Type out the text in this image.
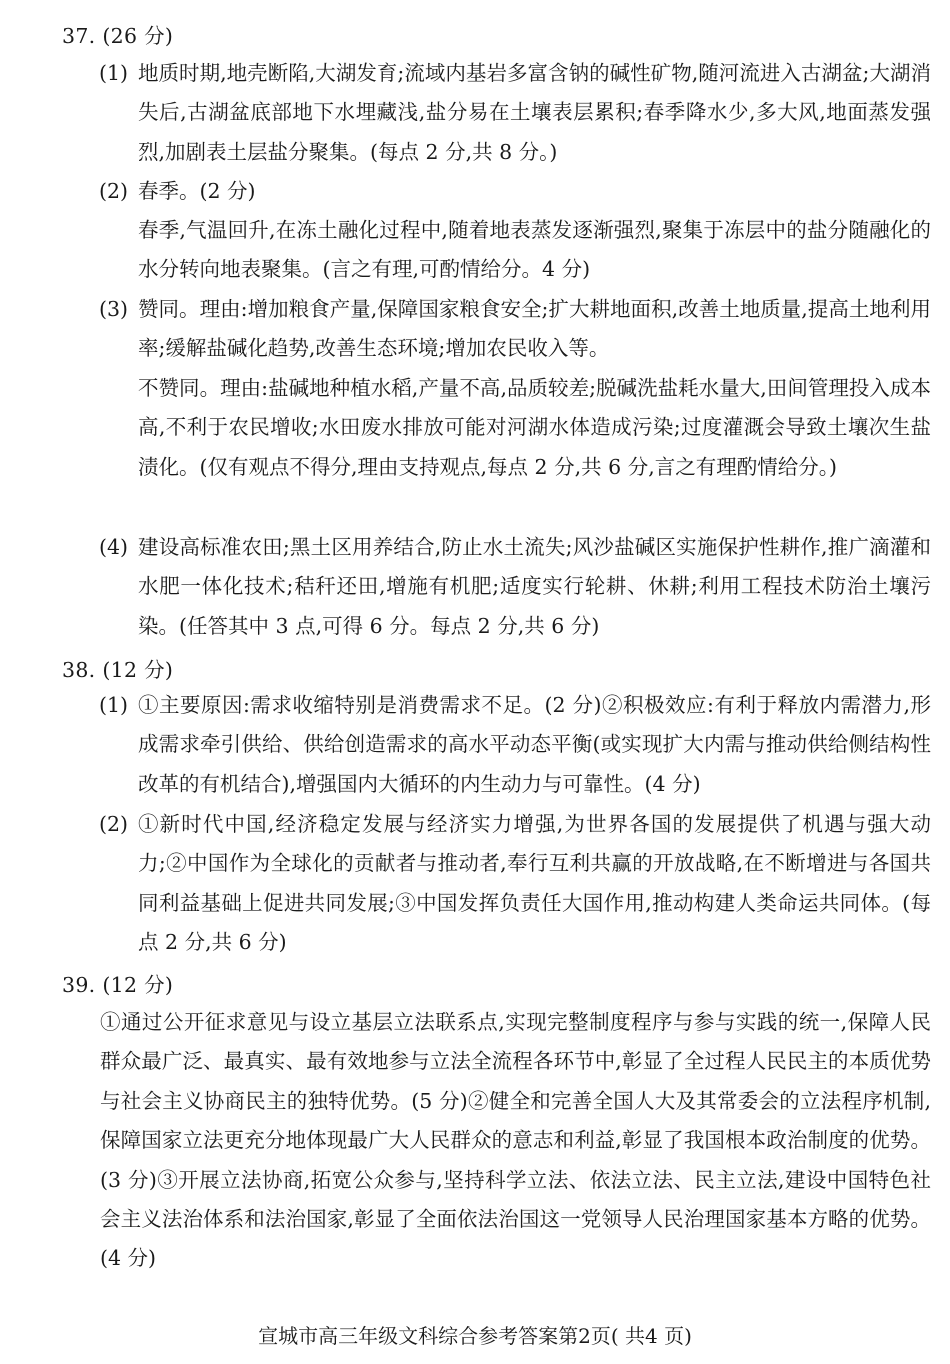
37. (26 分)
(1) 地质时期,地壳断陷,大湖发育;流域内基岩多富含钠的碱性矿物,随河流进入古湖盆;大湖消失后,古湖盆底部地下水埋藏浅,盐分易在土壤表层累积;春季降水少,多大风,地面蒸发强烈,加剧表土层盐分聚集。(每点 2 分,共 8 分。)
(2) 春季。(2 分)
春季,气温回升,在冻土融化过程中,随着地表蒸发逐渐强烈,聚集于冻层中的盐分随融化的水分转向地表聚集。(言之有理,可酌情给分。4 分)
(3) 赞同。理由:增加粮食产量,保障国家粮食安全;扩大耕地面积,改善土地质量,提高土地利用率;缓解盐碱化趋势,改善生态环境;增加农民收入等。
不赞同。理由:盐碱地种植水稻,产量不高,品质较差;脱碱洗盐耗水量大,田间管理投入成本高,不利于农民增收;水田废水排放可能对河湖水体造成污染;过度灌溉会导致土壤次生盐渍化。(仅有观点不得分,理由支持观点,每点 2 分,共 6 分,言之有理酌情给分。)
(4) 建设高标准农田;黑土区用养结合,防止水土流失;风沙盐碱区实施保护性耕作,推广滴灌和水肥一体化技术;秸秆还田,增施有机肥;适度实行轮耕、休耕;利用工程技术防治土壤污染。(任答其中 3 点,可得 6 分。每点 2 分,共 6 分)
38. (12 分)
(1) ①主要原因:需求收缩特别是消费需求不足。(2 分)②积极效应:有利于释放内需潜力,形成需求牵引供给、供给创造需求的高水平动态平衡(或实现扩大内需与推动供给侧结构性改革的有机结合),增强国内大循环的内生动力与可靠性。(4 分)
(2) ①新时代中国,经济稳定发展与经济实力增强,为世界各国的发展提供了机遇与强大动力;②中国作为全球化的贡献者与推动者,奉行互利共赢的开放战略,在不断增进与各国共同利益基础上促进共同发展;③中国发挥负责任大国作用,推动构建人类命运共同体。(每点 2 分,共 6 分)
39. (12 分)
①通过公开征求意见与设立基层立法联系点,实现完整制度程序与参与实践的统一,保障人民群众最广泛、最真实、最有效地参与立法全流程各环节中,彰显了全过程人民民主的本质优势与社会主义协商民主的独特优势。(5 分)②健全和完善全国人大及其常委会的立法程序机制,保障国家立法更充分地体现最广大人民群众的意志和利益,彰显了我国根本政治制度的优势。(3 分)③开展立法协商,拓宽公众参与,坚持科学立法、依法立法、民主立法,建设中国特色社会主义法治体系和法治国家,彰显了全面依法治国这一党领导人民治理国家基本方略的优势。(4 分)
宣城市高三年级文科综合参考答案第2页( 共4 页)
